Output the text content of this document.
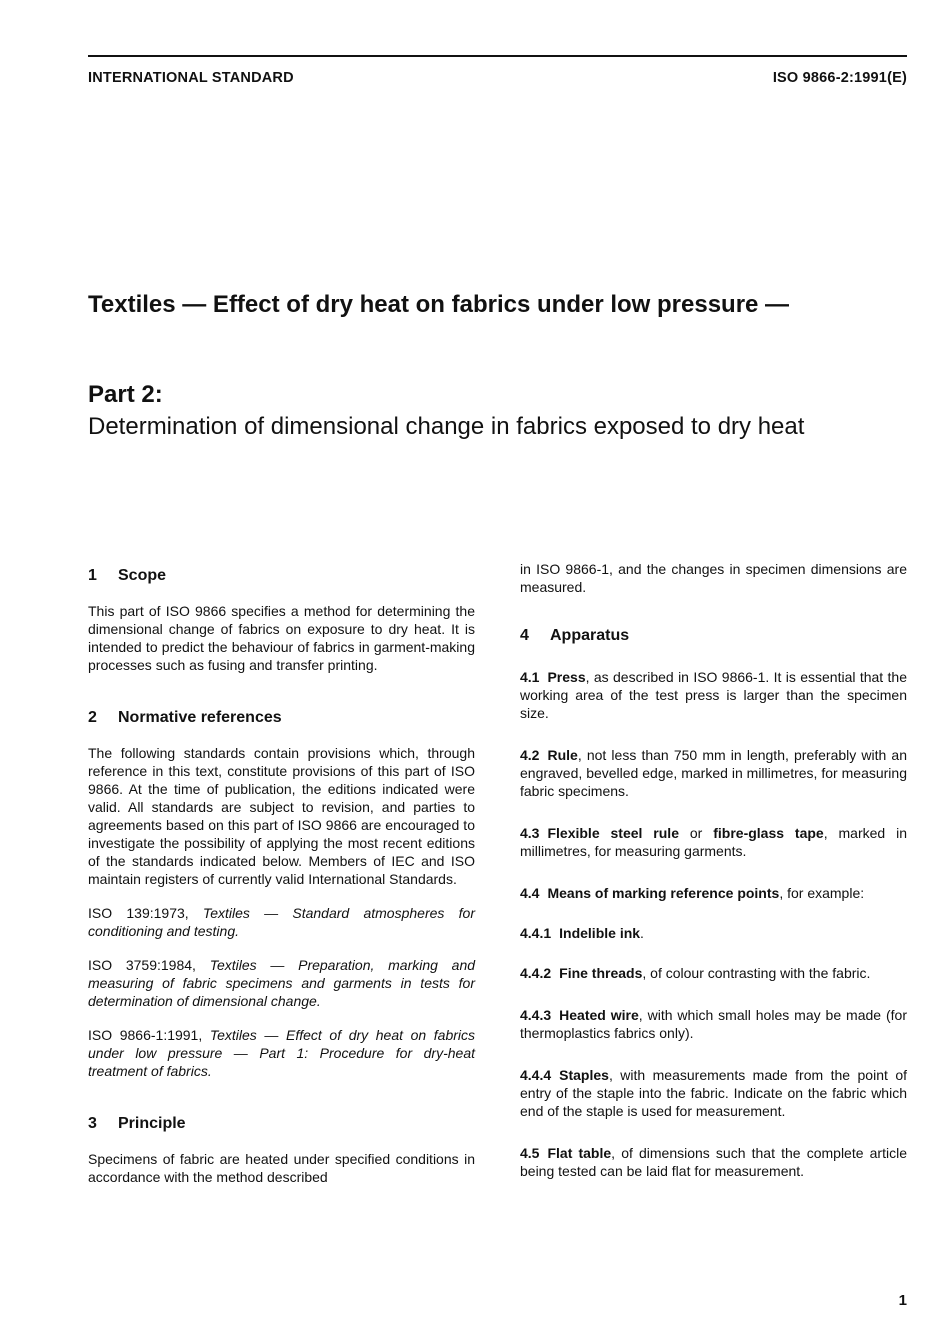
INTERNATIONAL STANDARD	ISO 9866-2:1991(E)
Textiles — Effect of dry heat on fabrics under low pressure —
Part 2:
Determination of dimensional change in fabrics exposed to dry heat
1 Scope

This part of ISO 9866 specifies a method for determining the dimensional change of fabrics on exposure to dry heat. It is intended to predict the behaviour of fabrics in garment-making processes such as fusing and transfer printing.

2 Normative references

The following standards contain provisions which, through reference in this text, constitute provisions of this part of ISO 9866. At the time of publication, the editions indicated were valid. All standards are subject to revision, and parties to agreements based on this part of ISO 9866 are encouraged to investigate the possibility of applying the most recent editions of the standards indicated below. Members of IEC and ISO maintain registers of currently valid International Standards.

ISO 139:1973, Textiles — Standard atmospheres for conditioning and testing.

ISO 3759:1984, Textiles — Preparation, marking and measuring of fabric specimens and garments in tests for determination of dimensional change.

ISO 9866-1:1991, Textiles — Effect of dry heat on fabrics under low pressure — Part 1: Procedure for dry-heat treatment of fabrics.

3 Principle

Specimens of fabric are heated under specified conditions in accordance with the method described

in ISO 9866-1, and the changes in specimen dimensions are measured.

4 Apparatus

4.1 Press, as described in ISO 9866-1. It is essential that the working area of the test press is larger than the specimen size.

4.2 Rule, not less than 750 mm in length, preferably with an engraved, bevelled edge, marked in millimetres, for measuring fabric specimens.

4.3 Flexible steel rule or fibre-glass tape, marked in millimetres, for measuring garments.

4.4 Means of marking reference points, for example:

4.4.1 Indelible ink.

4.4.2 Fine threads, of colour contrasting with the fabric.

4.4.3 Heated wire, with which small holes may be made (for thermoplastics fabrics only).

4.4.4 Staples, with measurements made from the point of entry of the staple into the fabric. Indicate on the fabric which end of the staple is used for measurement.

4.5 Flat table, of dimensions such that the complete article being tested can be laid flat for measurement.

1
